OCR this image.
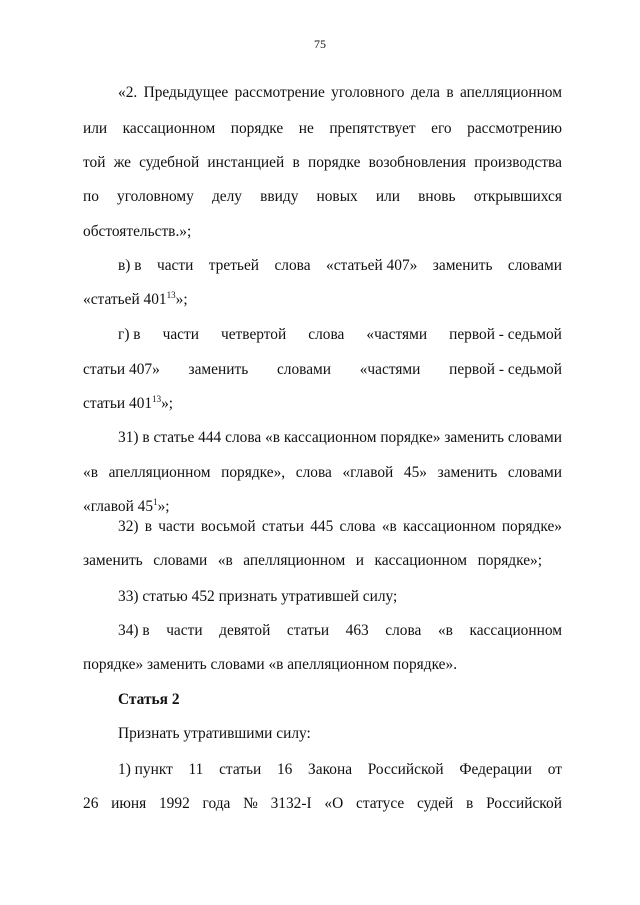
75
«2. Предыдущее рассмотрение уголовного дела в апелляционном
или кассационном порядке не препятствует его рассмотрению
той же судебной инстанцией в порядке возобновления производства
по уголовному делу ввиду новых или вновь открывшихся
обстоятельств.»;
в) в части третьей слова «статьей 407» заменить словами
«статьей $401^{13}$»;
г) в части четвертой слова «частями первой - седьмой
статьи 407» заменить словами «частями первой - седьмой
статьи $401^{13}$»;
31) в статье 444 слова «в кассационном порядке» заменить словами
«в апелляционном порядке», слова «главой 45» заменить словами
«главой $45^1$»;
32) в части восьмой статьи 445 слова «в кассационном порядке»
заменить словами «в апелляционном и кассационном порядке»;
33) статью 452 признать утратившей силу;
34) в части девятой статьи 463 слова «в кассационном
порядке» заменить словами «в апелляционном порядке».
Статья 2
Признать утратившими силу:
1) пункт 11 статьи 16 Закона Российской Федерации от
26 июня 1992 года № 3132-I «О статусе судей в Российской
